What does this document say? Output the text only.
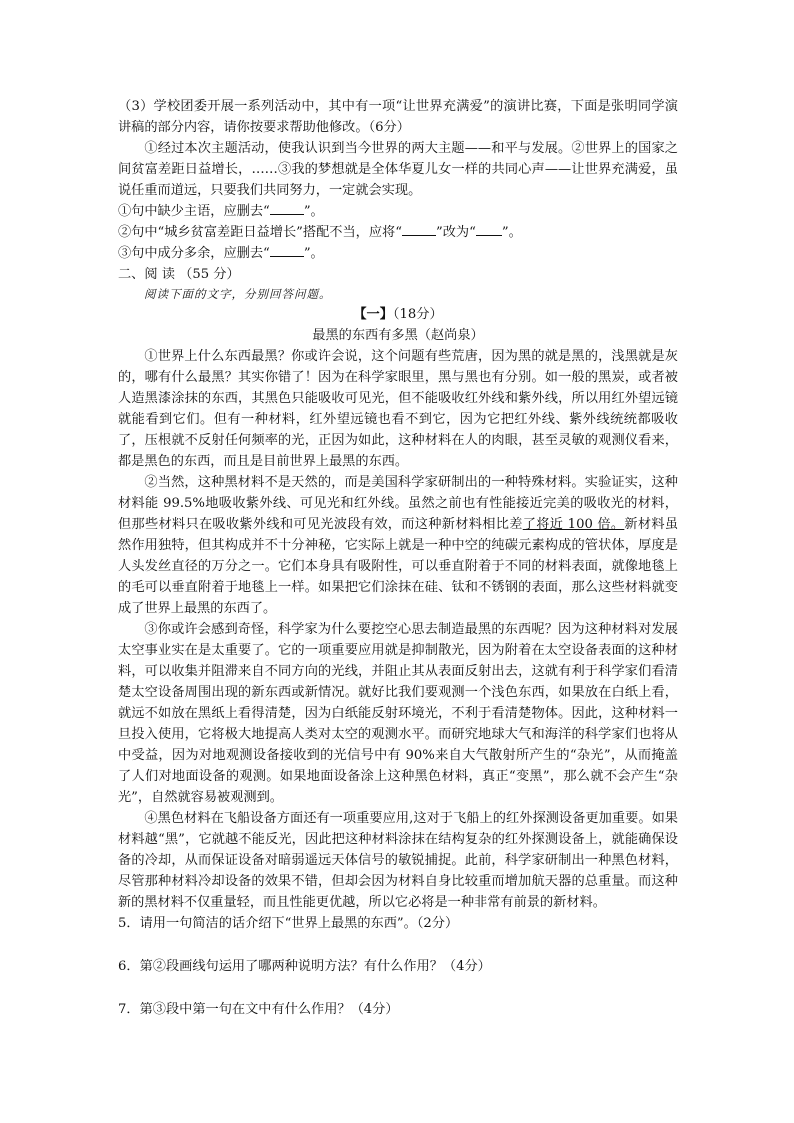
（3）学校团委开展一系列活动中，其中有一项“让世界充满爱”的演讲比赛，下面是张明同学演讲稿的部分内容，请你按要求帮助他修改。（6分）

①经过本次主题活动，使我认识到当今世界的两大主题——和平与发展。②世界上的国家之间贫富差距日益增长，……③我的梦想就是全体华夏儿女一样的共同心声——让世界充满爱，虽说任重而道远，只要我们共同努力，一定就会实现。

①句中缺少主语，应删去“	”。

②句中“城乡贫富差距日益增长”搭配不当，应将“	”改为“ ”。

③句中成分多余，应删去“	”。

二、阅 读 （55 分）
阅读下面的文字，分别回答问题。

【一】（18分）

最黑的东西有多黑（赵尚泉）

①世界上什么东西最黑？你或许会说，这个问题有些荒唐，因为黑的就是黑的，浅黑就是灰的，哪有什么最黑？其实你错了！因为在科学家眼里，黑与黑也有分别。如一般的黑炭，或者被人造黑漆涂抹的东西，其黑色只能吸收可见光，但不能吸收红外线和紫外线，所以用红外望远镜就能看到它们。但有一种材料，红外望远镜也看不到它，因为它把红外线、紫外线统统都吸收了，压根就不反射任何频率的光，正因为如此，这种材料在人的肉眼，甚至灵敏的观测仪看来，都是黑色的东西，而且是目前世界上最黑的东西。

②当然，这种黑材料不是天然的，而是美国科学家研制出的一种特殊材料。实验证实，这种材料能 99.5%地吸收紫外线、可见光和红外线。虽然之前也有性能接近完美的吸收光的材料，但那些材料只在吸收紫外线和可见光波段有效，而这种新材料相比差了将近 100 倍。新材料虽然作用独特，但其构成并不十分神秘，它实际上就是一种中空的纯碳元素构成的管状体，厚度是人头发丝直径的万分之一。它们本身具有吸附性，可以垂直附着于不同的材料表面，就像地毯上的毛可以垂直附着于地毯上一样。如果把它们涂抹在硅、钛和不锈钢的表面，那么这些材料就变成了世界上最黑的东西了。

③你或许会感到奇怪，科学家为什么要挖空心思去制造最黑的东西呢？因为这种材料对发展太空事业实在是太重要了。它的一项重要应用就是抑制散光，因为附着在太空设备表面的这种材料，可以收集并阻滞来自不同方向的光线，并阻止其从表面反射出去，这就有利于科学家们看清楚太空设备周围出现的新东西或新情况。就好比我们要观测一个浅色东西，如果放在白纸上看，就远不如放在黑纸上看得清楚，因为白纸能反射环境光，不利于看清楚物体。因此，这种材料一旦投入使用，它将极大地提高人类对太空的观测水平。而研究地球大气和海洋的科学家们也将从中受益，因为对地观测设备接收到的光信号中有 90%来自大气散射所产生的“杂光”，从而掩盖了人们对地面设备的观测。如果地面设备涂上这种黑色材料，真正“变黑”，那么就不会产生“杂光”，自然就容易被观测到。

④黑色材料在飞船设备方面还有一项重要应用,这对于飞船上的红外探测设备更加重要。如果材料越“黑”，它就越不能反光，因此把这种材料涂抹在结构复杂的红外探测设备上，就能确保设备的冷却，从而保证设备对暗弱遥远天体信号的敏锐捕捉。此前，科学家研制出一种黑色材料，尽管那种材料冷却设备的效果不错，但却会因为材料自身比较重而增加航天器的总重量。而这种新的黑材料不仅重量轻，而且性能更优越，所以它必将是一种非常有前景的新材料。

5．请用一句简洁的话介绍下“世界上最黑的东西”。（2分）

6．第②段画线句运用了哪两种说明方法？有什么作用？（4分）

7．第③段中第一句在文中有什么作用？（4分）
